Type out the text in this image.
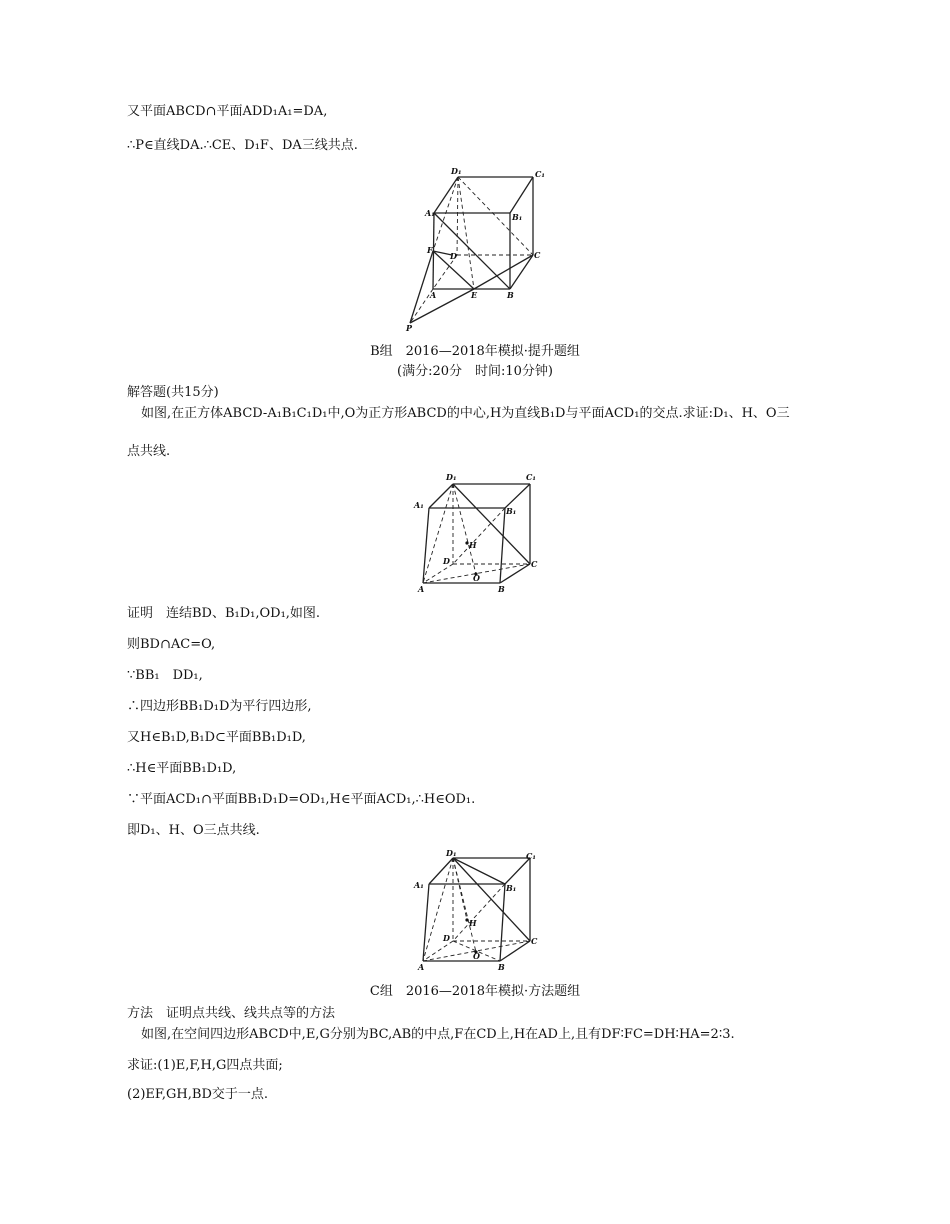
又平面ABCD∩平面ADD₁A₁=DA,
∴P∈直线DA.∴CE、D₁F、DA三线共点.
D₁	C₁
A₁	B₁
F
D	C
A	E	B
P
B组　2016—2018年模拟·提升题组
(满分:20分　时间:10分钟)
解答题(共15分)
如图,在正方体ABCD-A₁B₁C₁D₁中,O为正方形ABCD的中心,H为直线B₁D与平面ACD₁的交点.求证:D₁、H、O三
点共线.
D₁	C₁
A₁
B₁
H
D	C
O
A	B
证明　连结BD、B₁D₁,OD₁,如图.
则BD∩AC=O,
∵BB₁　DD₁,
∴四边形BB₁D₁D为平行四边形,
又H∈B₁D,B₁D⊂平面BB₁D₁D,
∴H∈平面BB₁D₁D,
∵平面ACD₁∩平面BB₁D₁D=OD₁,H∈平面ACD₁,∴H∈OD₁.
即D₁、H、O三点共线.
D₁	C₁
A₁	B₁
H
D	C
O
A	B
C组　2016—2018年模拟·方法题组
方法　证明点共线、线共点等的方法
如图,在空间四边形ABCD中,E,G分别为BC,AB的中点,F在CD上,H在AD上,且有DF∶FC=DH∶HA=2∶3.
求证:(1)E,F,H,G四点共面;
(2)EF,GH,BD交于一点.
